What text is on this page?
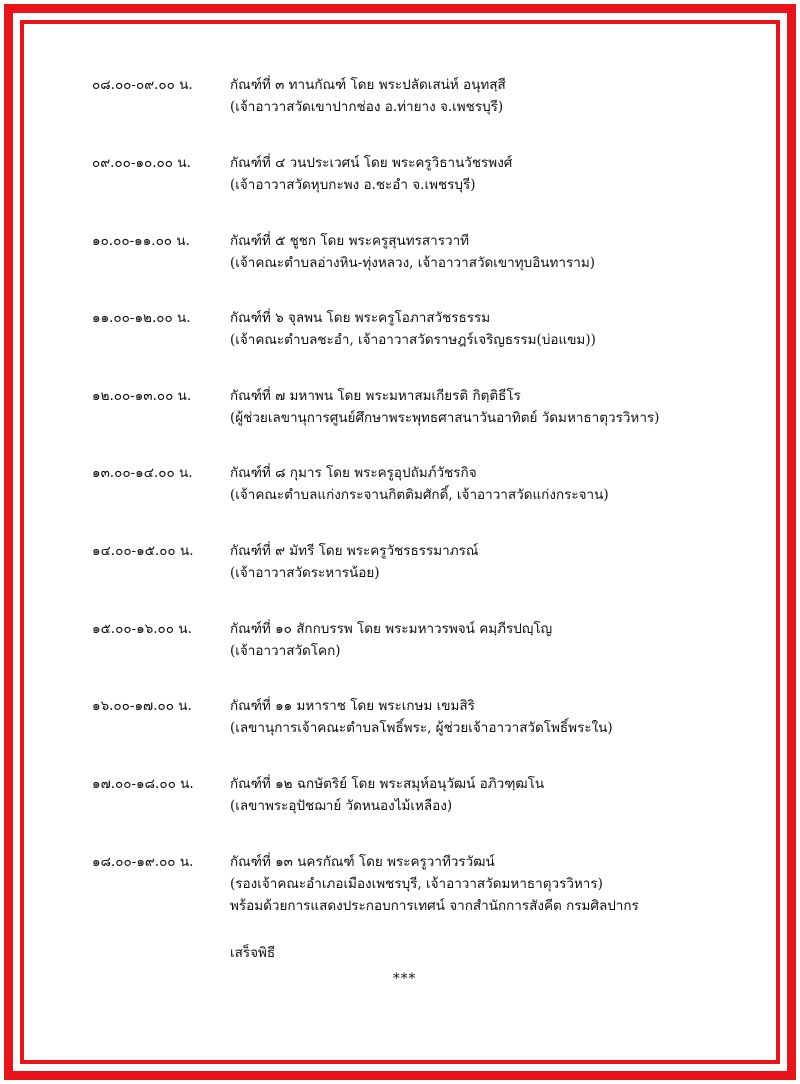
๐๘.๐๐-๐๙.๐๐ น.	กัณฑ์ที่ ๓ ทานกัณฑ์ โดย พระปลัดเสน่ห์ อนุทสฺสี
(เจ้าอาวาสวัดเขาปากช่อง อ.ท่ายาง จ.เพชรบุรี)
๐๙.๐๐-๑๐.๐๐ น.	กัณฑ์ที่ ๔ วนประเวศน์ โดย พระครูวิธานวัชรพงศ์
(เจ้าอาวาสวัดหุบกะพง อ.ชะอำ จ.เพชรบุรี)
๑๐.๐๐-๑๑.๐๐ น.	กัณฑ์ที่ ๕ ชูชก โดย พระครูสุนทรสารวาที
(เจ้าคณะตำบลอ่างหิน-ทุ่งหลวง, เจ้าอาวาสวัดเขาทุบอินทาราม)
๑๑.๐๐-๑๒.๐๐ น.	กัณฑ์ที่ ๖ จุลพน โดย พระครูโอภาสวัชรธรรม
(เจ้าคณะตำบลชะอำ, เจ้าอาวาสวัดราษฎร์เจริญธรรม(บ่อแขม))
๑๒.๐๐-๑๓.๐๐ น.	กัณฑ์ที่ ๗ มหาพน โดย พระมหาสมเกียรติ กิตฺติธีโร
(ผู้ช่วยเลขานุการศูนย์ศึกษาพระพุทธศาสนาวันอาทิตย์ วัดมหาธาตุวรวิหาร)
๑๓.๐๐-๑๔.๐๐ น.	กัณฑ์ที่ ๘ กุมาร โดย พระครูอุปถัมภ์วัชรกิจ
(เจ้าคณะตำบลแก่งกระจานกิตติมศักดิ์, เจ้าอาวาสวัดแก่งกระจาน)
๑๔.๐๐-๑๕.๐๐ น.	กัณฑ์ที่ ๙ มัทรี โดย พระครูวัชรธรรมาภรณ์
(เจ้าอาวาสวัดระหารน้อย)
๑๕.๐๐-๑๖.๐๐ น.	กัณฑ์ที่ ๑๐ สักกบรรพ โดย พระมหาวรพจน์ คมฺภีรปญฺโญ
(เจ้าอาวาสวัดโคก)
๑๖.๐๐-๑๗.๐๐ น.	กัณฑ์ที่ ๑๑ มหาราช โดย พระเกษม เขมสิริ
(เลขานุการเจ้าคณะตำบลโพธิ์พระ, ผู้ช่วยเจ้าอาวาสวัดโพธิ์พระใน)
๑๗.๐๐-๑๘.๐๐ น.	กัณฑ์ที่ ๑๒ ฉกษัตริย์ โดย พระสมุห์อนุวัฒน์ อภิวฑฺฒโน
(เลขาพระอุปัชฌาย์ วัดหนองไม้เหลือง)
๑๘.๐๐-๑๙.๐๐ น.	กัณฑ์ที่ ๑๓ นครกัณฑ์ โดย พระครูวาทีวรวัฒน์
(รองเจ้าคณะอำเภอเมืองเพชรบุรี, เจ้าอาวาสวัดมหาธาตุวรวิหาร)
พร้อมด้วยการแสดงประกอบการเทศน์ จากสำนักการสังคีต กรมศิลปากร
เสร็จพิธี
***
